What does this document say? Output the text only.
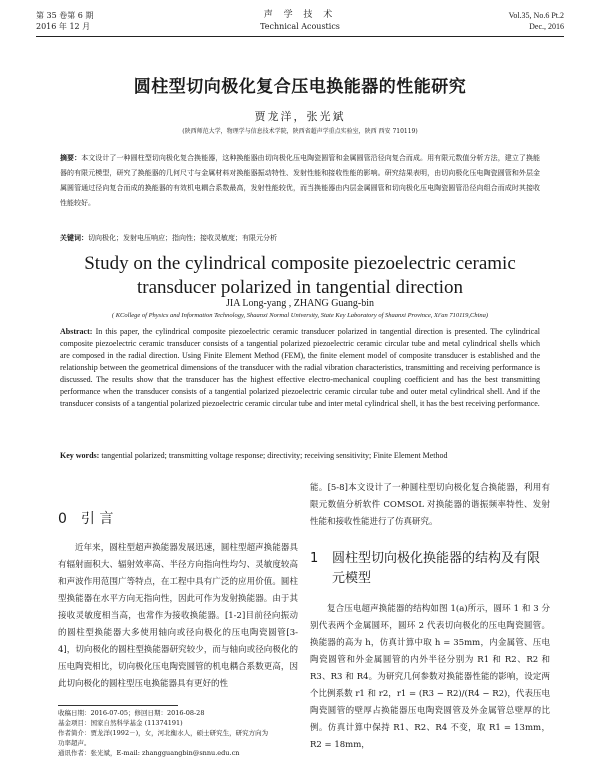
第 35 卷第 6 期
2016 年 12 月
声 学 技 术
Technical Acoustics
Vol.35, No.6 Pt.2
Dec., 2016
圆柱型切向极化复合压电换能器的性能研究
贾龙洋，张光斌
(陕西师范大学，物理学与信息技术学院，陕西省超声学重点实验室，陕西 西安 710119)
摘要：本文设计了一种圆柱型切向极化复合换能器，这种换能器由切向极化压电陶瓷圆管和金属圆管沿径向复合而成。用有限元数值分析方法，建立了换能器的有限元模型，研究了换能器的几何尺寸与金属材料对换能器振动特性、发射性能和接收性能的影响。研究结果表明，由切向极化压电陶瓷圆管和外层金属圆管通过径向复合而成的换能器的有效机电耦合系数最高，发射性能较优，而当换能器由内层金属圆管和切向极化压电陶瓷圆管沿径向组合而成时其接收性能较好。
关键词：切向极化；发射电压响应；指向性；接收灵敏度；有限元分析
Study on the cylindrical composite piezoelectric ceramic transducer polarized in tangential direction
JIA Long-yang , ZHANG Guang-bin
( KCollege of Physics and Information Technology, Shaanxi Normal University, State Key Laboratory of Shaanxi Province, Xi'an 710119,China)
Abstract: In this paper, the cylindrical composite piezoelectric ceramic transducer polarized in tangential direction is presented. The cylindrical composite piezoelectric ceramic transducer consists of a tangential polarized piezoelectric ceramic circular tube and metal cylindrical shells which are composed in the radial direction. Using Finite Element Method (FEM), the finite element model of composite transducer is established and the relationship between the geometrical dimensions of the transducer with the radial vibration characteristics, transmitting and receiving performance is discussed. The results show that the transducer has the highest effective electro-mechanical coupling coefficient and has the best transmitting performance when the transducer consists of a tangential polarized piezoelectric ceramic circular tube and outer metal cylindrical shell. And if the transducer consists of a tangential polarized piezoelectric ceramic circular tube and inter metal cylindrical shell, it has the best receiving performance.
Key words: tangential polarized; transmitting voltage response; directivity; receiving sensitivity; Finite Element Method
0 引 言

近年来，圆柱型超声换能器发展迅速，圆柱型超声换能器具有辐射面积大、辐射效率高、半径方向指向性均匀、灵敏度较高和声波作用范围广等特点，在工程中具有广泛的应用价值。圆柱型换能器在水平方向无指向性，因此可作为发射换能器。由于其接收灵敏度相当高，也常作为接收换能器。[1-2]目前径向振动的圆柱型换能器大多使用轴向或径向极化的压电陶瓷圆管[3-4]，切向极化的圆柱型换能器研究较少，而与轴向或径向极化的压电陶瓷相比，切向极化压电陶瓷圆管的机电耦合系数更高，因此切向极化的圆柱型压电换能器具有更好的性

能。[5-8]本文设计了一种圆柱型切向极化复合换能器，利用有限元数值分析软件 COMSOL 对换能器的谐振频率特性、发射性能和接收性能进行了仿真研究。

1	圆柱型切向极化换能器的结构及有限元模型

复合压电超声换能器的结构如图 1(a)所示，圆环 1 和 3 分别代表两个金属圆环，圆环 2 代表切向极化的压电陶瓷圆管。换能器的高为 h，仿真计算中取 h = 35mm，内金属管、压电陶瓷圆管和外金属圆管的内外半径分别为 R1 和 R2、R2 和 R3、R3 和 R4。为研究几何参数对换能器性能的影响，设定两个比例系数 r1 和 r2，r1 = (R3 − R2)/(R4 − R2)，代表压电陶瓷圆管的壁厚占换能器压电陶瓷圆管及外金属管总壁厚的比例。仿真计算中保持 R1、R2、R4 不变，取 R1 = 13mm，R2 = 18mm，

收稿日期：2016-07-05；修回日期：2016-08-28
基金项目：国家自然科学基金 (11374191)
作者简介：贾龙洋(1992－)，女，河北衡水人，硕士研究生，研究方向为
功率超声。
通讯作者：张光斌，E-mail: zhangguangbin@snnu.edu.cn
